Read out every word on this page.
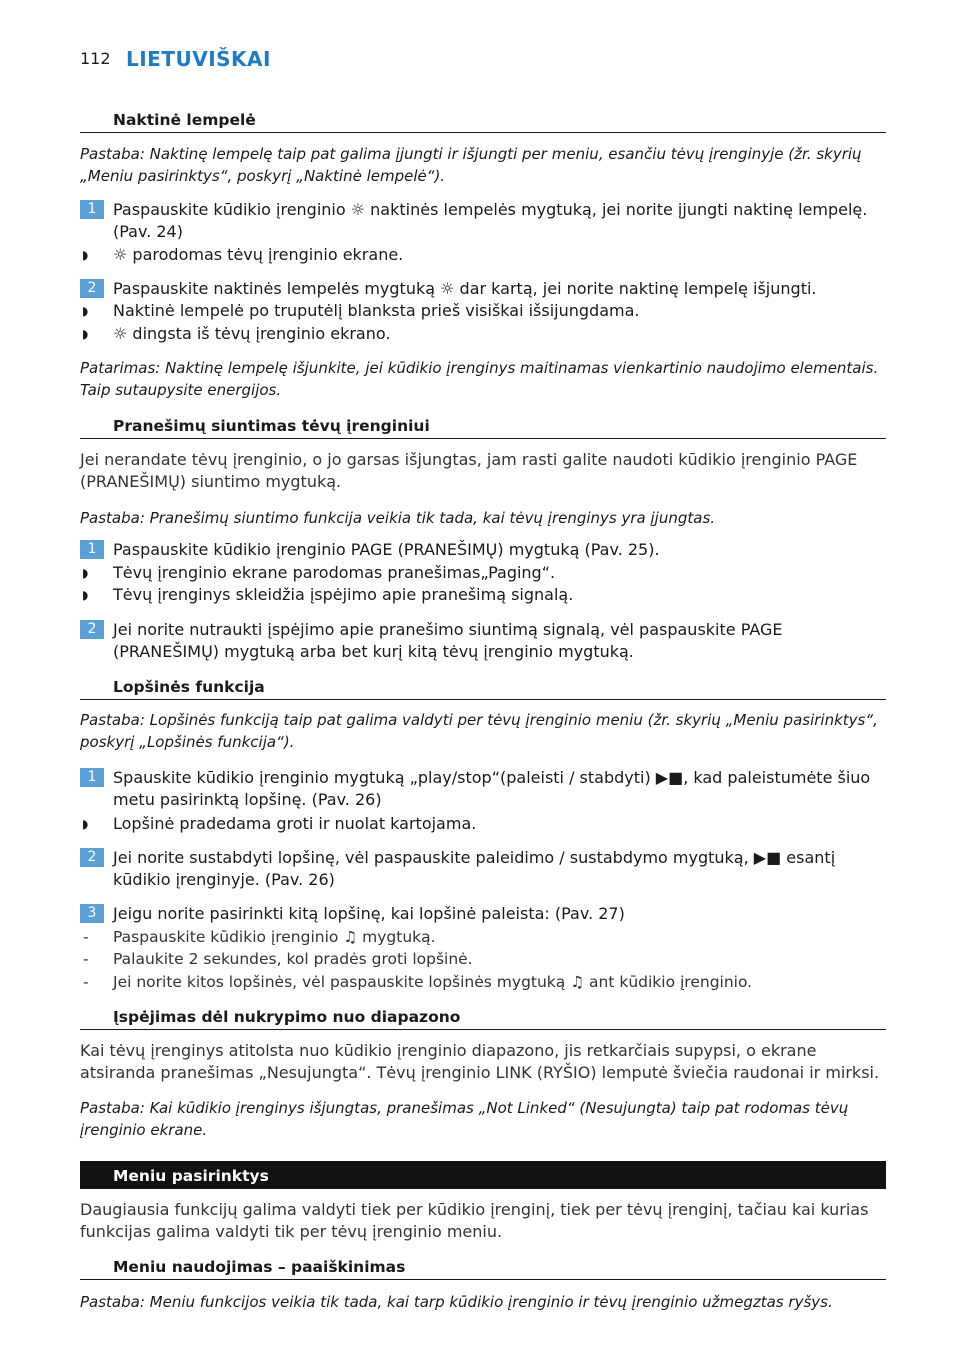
112 LIETUVIŠKAI
Naktinė lempelė
Pastaba: Naktinę lempelę taip pat galima įjungti ir išjungti per meniu, esančiu tėvų įrenginyje (žr. skyrių „Meniu pasirinktys“, poskyrį „Naktinė lempelė“).
1	Paspauskite kūdikio įrenginio ☼ naktinės lempelės mygtuką, jei norite įjungti naktinę lempelę. (Pav. 24)
◗ ☼ parodomas tėvų įrenginio ekrane.
2	Paspauskite naktinės lempelės mygtuką ☼ dar kartą, jei norite naktinę lempelę išjungti.
◗ Naktinė lempelė po truputėlį blanksta prieš visiškai išsijungdama.
◗ ☼ dingsta iš tėvų įrenginio ekrano.
Patarimas: Naktinę lempelę išjunkite, jei kūdikio įrenginys maitinamas vienkartinio naudojimo elementais. Taip sutaupysite energijos.
Pranešimų siuntimas tėvų įrenginiui
Jei nerandate tėvų įrenginio, o jo garsas išjungtas, jam rasti galite naudoti kūdikio įrenginio PAGE (PRANEŠIMŲ) siuntimo mygtuką.
Pastaba: Pranešimų siuntimo funkcija veikia tik tada, kai tėvų įrenginys yra įjungtas.
1	Paspauskite kūdikio įrenginio PAGE (PRANEŠIMŲ) mygtuką (Pav. 25).
◗ Tėvų įrenginio ekrane parodomas pranešimas„Paging“.
◗ Tėvų įrenginys skleidžia įspėjimo apie pranešimą signalą.
2	Jei norite nutraukti įspėjimo apie pranešimo siuntimą signalą, vėl paspauskite PAGE (PRANEŠIMŲ) mygtuką arba bet kurį kitą tėvų įrenginio mygtuką.
Lopšinės funkcija
Pastaba: Lopšinės funkciją taip pat galima valdyti per tėvų įrenginio meniu (žr. skyrių „Meniu pasirinktys“, poskyrį „Lopšinės funkcija“).
1	Spauskite kūdikio įrenginio mygtuką „play/stop“(paleisti / stabdyti) ▶■, kad paleistumėte šiuo metu pasirinktą lopšinę. (Pav. 26)
◗ Lopšinė pradedama groti ir nuolat kartojama.
2	Jei norite sustabdyti lopšinę, vėl paspauskite paleidimo / sustabdymo mygtuką, ▶■ esantį kūdikio įrenginyje. (Pav. 26)
3	Jeigu norite pasirinkti kitą lopšinę, kai lopšinė paleista: (Pav. 27)
- Paspauskite kūdikio įrenginio ♫ mygtuką.
- Palaukite 2 sekundes, kol pradės groti lopšinė.
- Jei norite kitos lopšinės, vėl paspauskite lopšinės mygtuką ♫ ant kūdikio įrenginio.
Įspėjimas dėl nukrypimo nuo diapazono
Kai tėvų įrenginys atitolsta nuo kūdikio įrenginio diapazono, jis retkarčiais supypsi, o ekrane atsiranda pranešimas „Nesujungta“. Tėvų įrenginio LINK (RYŠIO) lemputė šviečia raudonai ir mirksi.
Pastaba: Kai kūdikio įrenginys išjungtas, pranešimas „Not Linked“ (Nesujungta) taip pat rodomas tėvų įrenginio ekrane.
Meniu pasirinktys
Daugiausia funkcijų galima valdyti tiek per kūdikio įrenginį, tiek per tėvų įrenginį, tačiau kai kurias funkcijas galima valdyti tik per tėvų įrenginio meniu.
Meniu naudojimas – paaiškinimas
Pastaba: Meniu funkcijos veikia tik tada, kai tarp kūdikio įrenginio ir tėvų įrenginio užmegztas ryšys.
